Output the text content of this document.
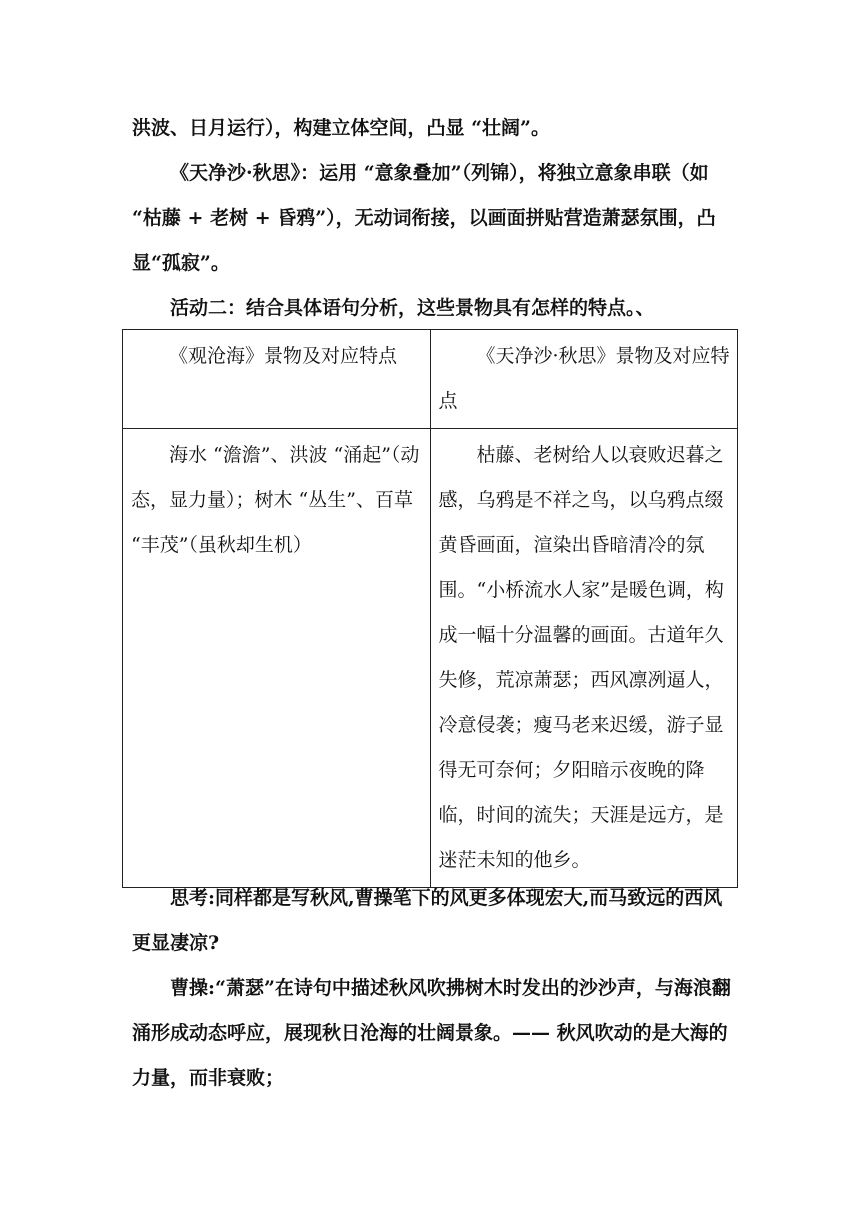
洪波、日月运行），构建立体空间，凸显 “壮阔”。

《天净沙·秋思》：运用 “意象叠加”（列锦），将独立意象串联（如 “枯藤 + 老树 + 昏鸦”），无动词衔接，以画面拼贴营造萧瑟氛围，凸显“孤寂”。

活动二：结合具体语句分析，这些景物具有怎样的特点。、

《观沧海》景物及对应特点	《天净沙·秋思》景物及对应特点

海水 “澹澹”、洪波 “涌起”（动态，显力量）；树木 “丛生”、百草 “丰茂”（虽秋却生机）	枯藤、老树给人以衰败迟暮之感，乌鸦是不祥之鸟，以乌鸦点缀黄昏画面，渲染出昏暗清冷的氛围。“小桥流水人家”是暖色调，构成一幅十分温馨的画面。古道年久失修，荒凉萧瑟；西风凛冽逼人，冷意侵袭；瘦马老来迟缓，游子显得无可奈何；夕阳暗示夜晚的降临，时间的流失；天涯是远方，是迷茫未知的他乡。

思考:同样都是写秋风,曹操笔下的风更多体现宏大,而马致远的西风更显凄凉?

曹操:“萧瑟”在诗句中描述秋风吹拂树木时发出的沙沙声，与海浪翻涌形成动态呼应，展现秋日沧海的壮阔景象。—— 秋风吹动的是大海的力量，而非衰败；
